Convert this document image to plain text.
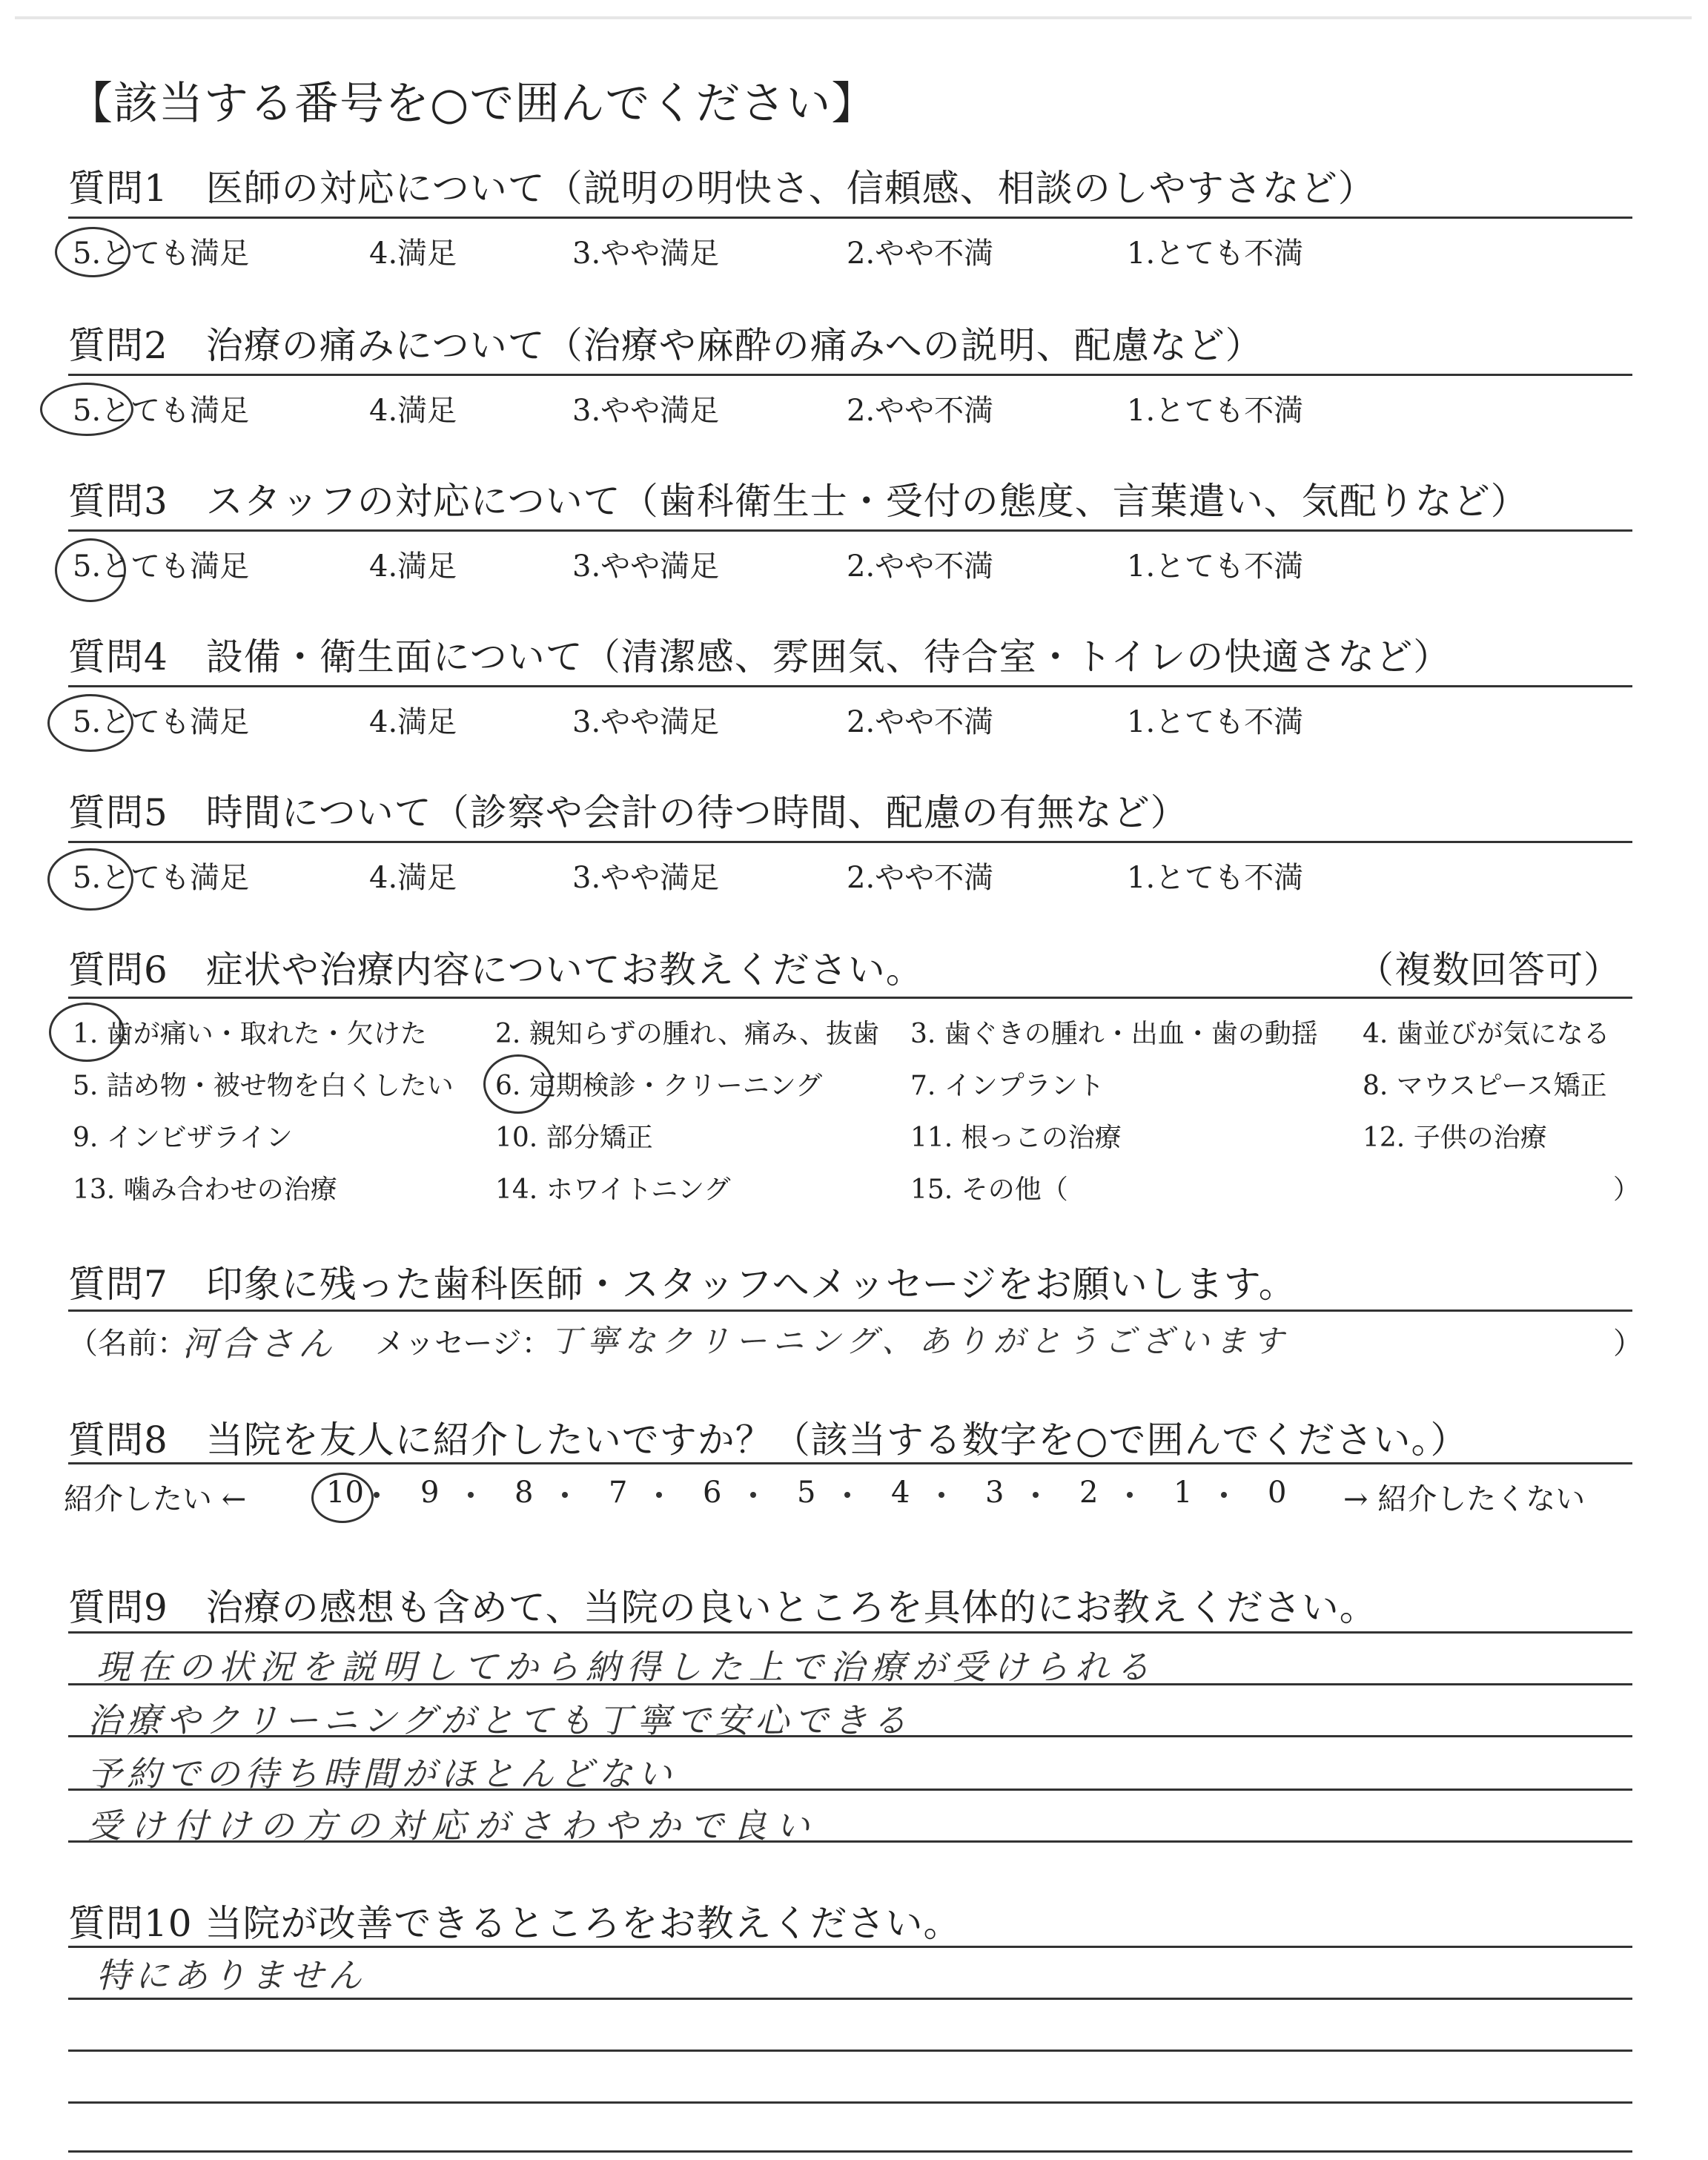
【該当する番号を○で囲んでください】
質問1　医師の対応について（説明の明快さ、信頼感、相談のしやすさなど）
5.とても満足	4.満足	3.やや満足	2.やや不満	1.とても不満
質問2　治療の痛みについて（治療や麻酔の痛みへの説明、配慮など）
5.とても満足	4.満足	3.やや満足	2.やや不満	1.とても不満
質問3　スタッフの対応について（歯科衛生士・受付の態度、言葉遣い、気配りなど）
5.とても満足	4.満足	3.やや満足	2.やや不満	1.とても不満
質問4　設備・衛生面について（清潔感、雰囲気、待合室・トイレの快適さなど）
5.とても満足	4.満足	3.やや満足	2.やや不満	1.とても不満
質問5　時間について（診察や会計の待つ時間、配慮の有無など）
5.とても満足	4.満足	3.やや満足	2.やや不満	1.とても不満
質問6　症状や治療内容についてお教えください。	（複数回答可）
1. 歯が痛い・取れた・欠けた	2. 親知らずの腫れ、痛み、抜歯 3. 歯ぐきの腫れ・出血・歯の動揺 4. 歯並びが気になる
5. 詰め物・被せ物を白くしたい 6. 定期検診・クリーニング	7. インプラント	8. マウスピース矯正
9. インビザライン	10. 部分矯正	11. 根っこの治療	12. 子供の治療
13. 噛み合わせの治療	14. ホワイトニング	15. その他（	）
質問7　印象に残った歯科医師・スタッフへメッセージをお願いします。
（名前：
河合さん メッセージ：
丁寧なクリーニング、ありがとうございます	）
質問8　当院を友人に紹介したいですか？（該当する数字を○で囲んでください。）
紹介したい ←	→ 紹介したくない
10 9	8	7	6	5	4	3	2	1	0
質問9　治療の感想も含めて、当院の良いところを具体的にお教えください。
現在の状況を説明してから納得した上で治療が受けられる
治療やクリーニングがとても丁寧で安心できる
予約での待ち時間がほとんどない
受け付けの方の対応がさわやかで良い
質問10 当院が改善できるところをお教えください。
特にありません
